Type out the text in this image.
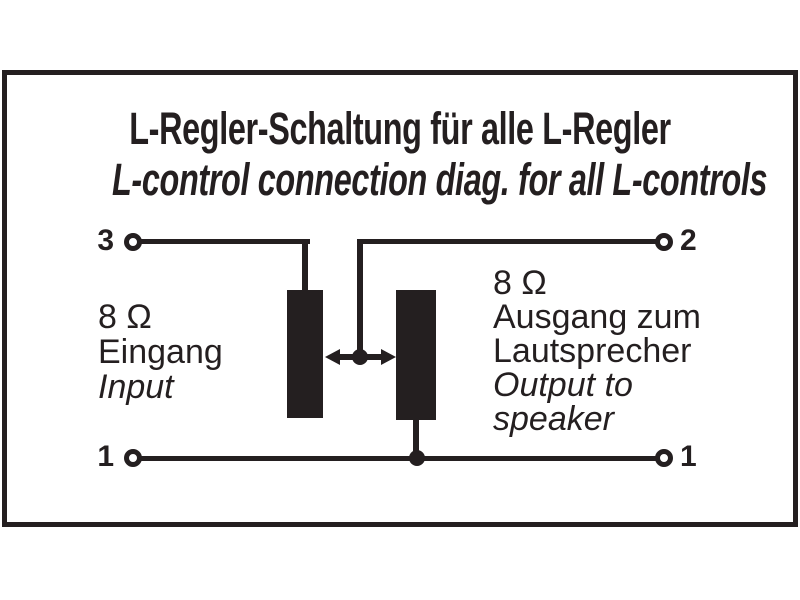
L-Regler-Schaltung für alle L-Regler
L-control connection diag. for all L-controls
3	2
1	1
8 Ω
Eingang
Input
8 Ω
Ausgang zum
Lautsprecher
Output to
speaker
